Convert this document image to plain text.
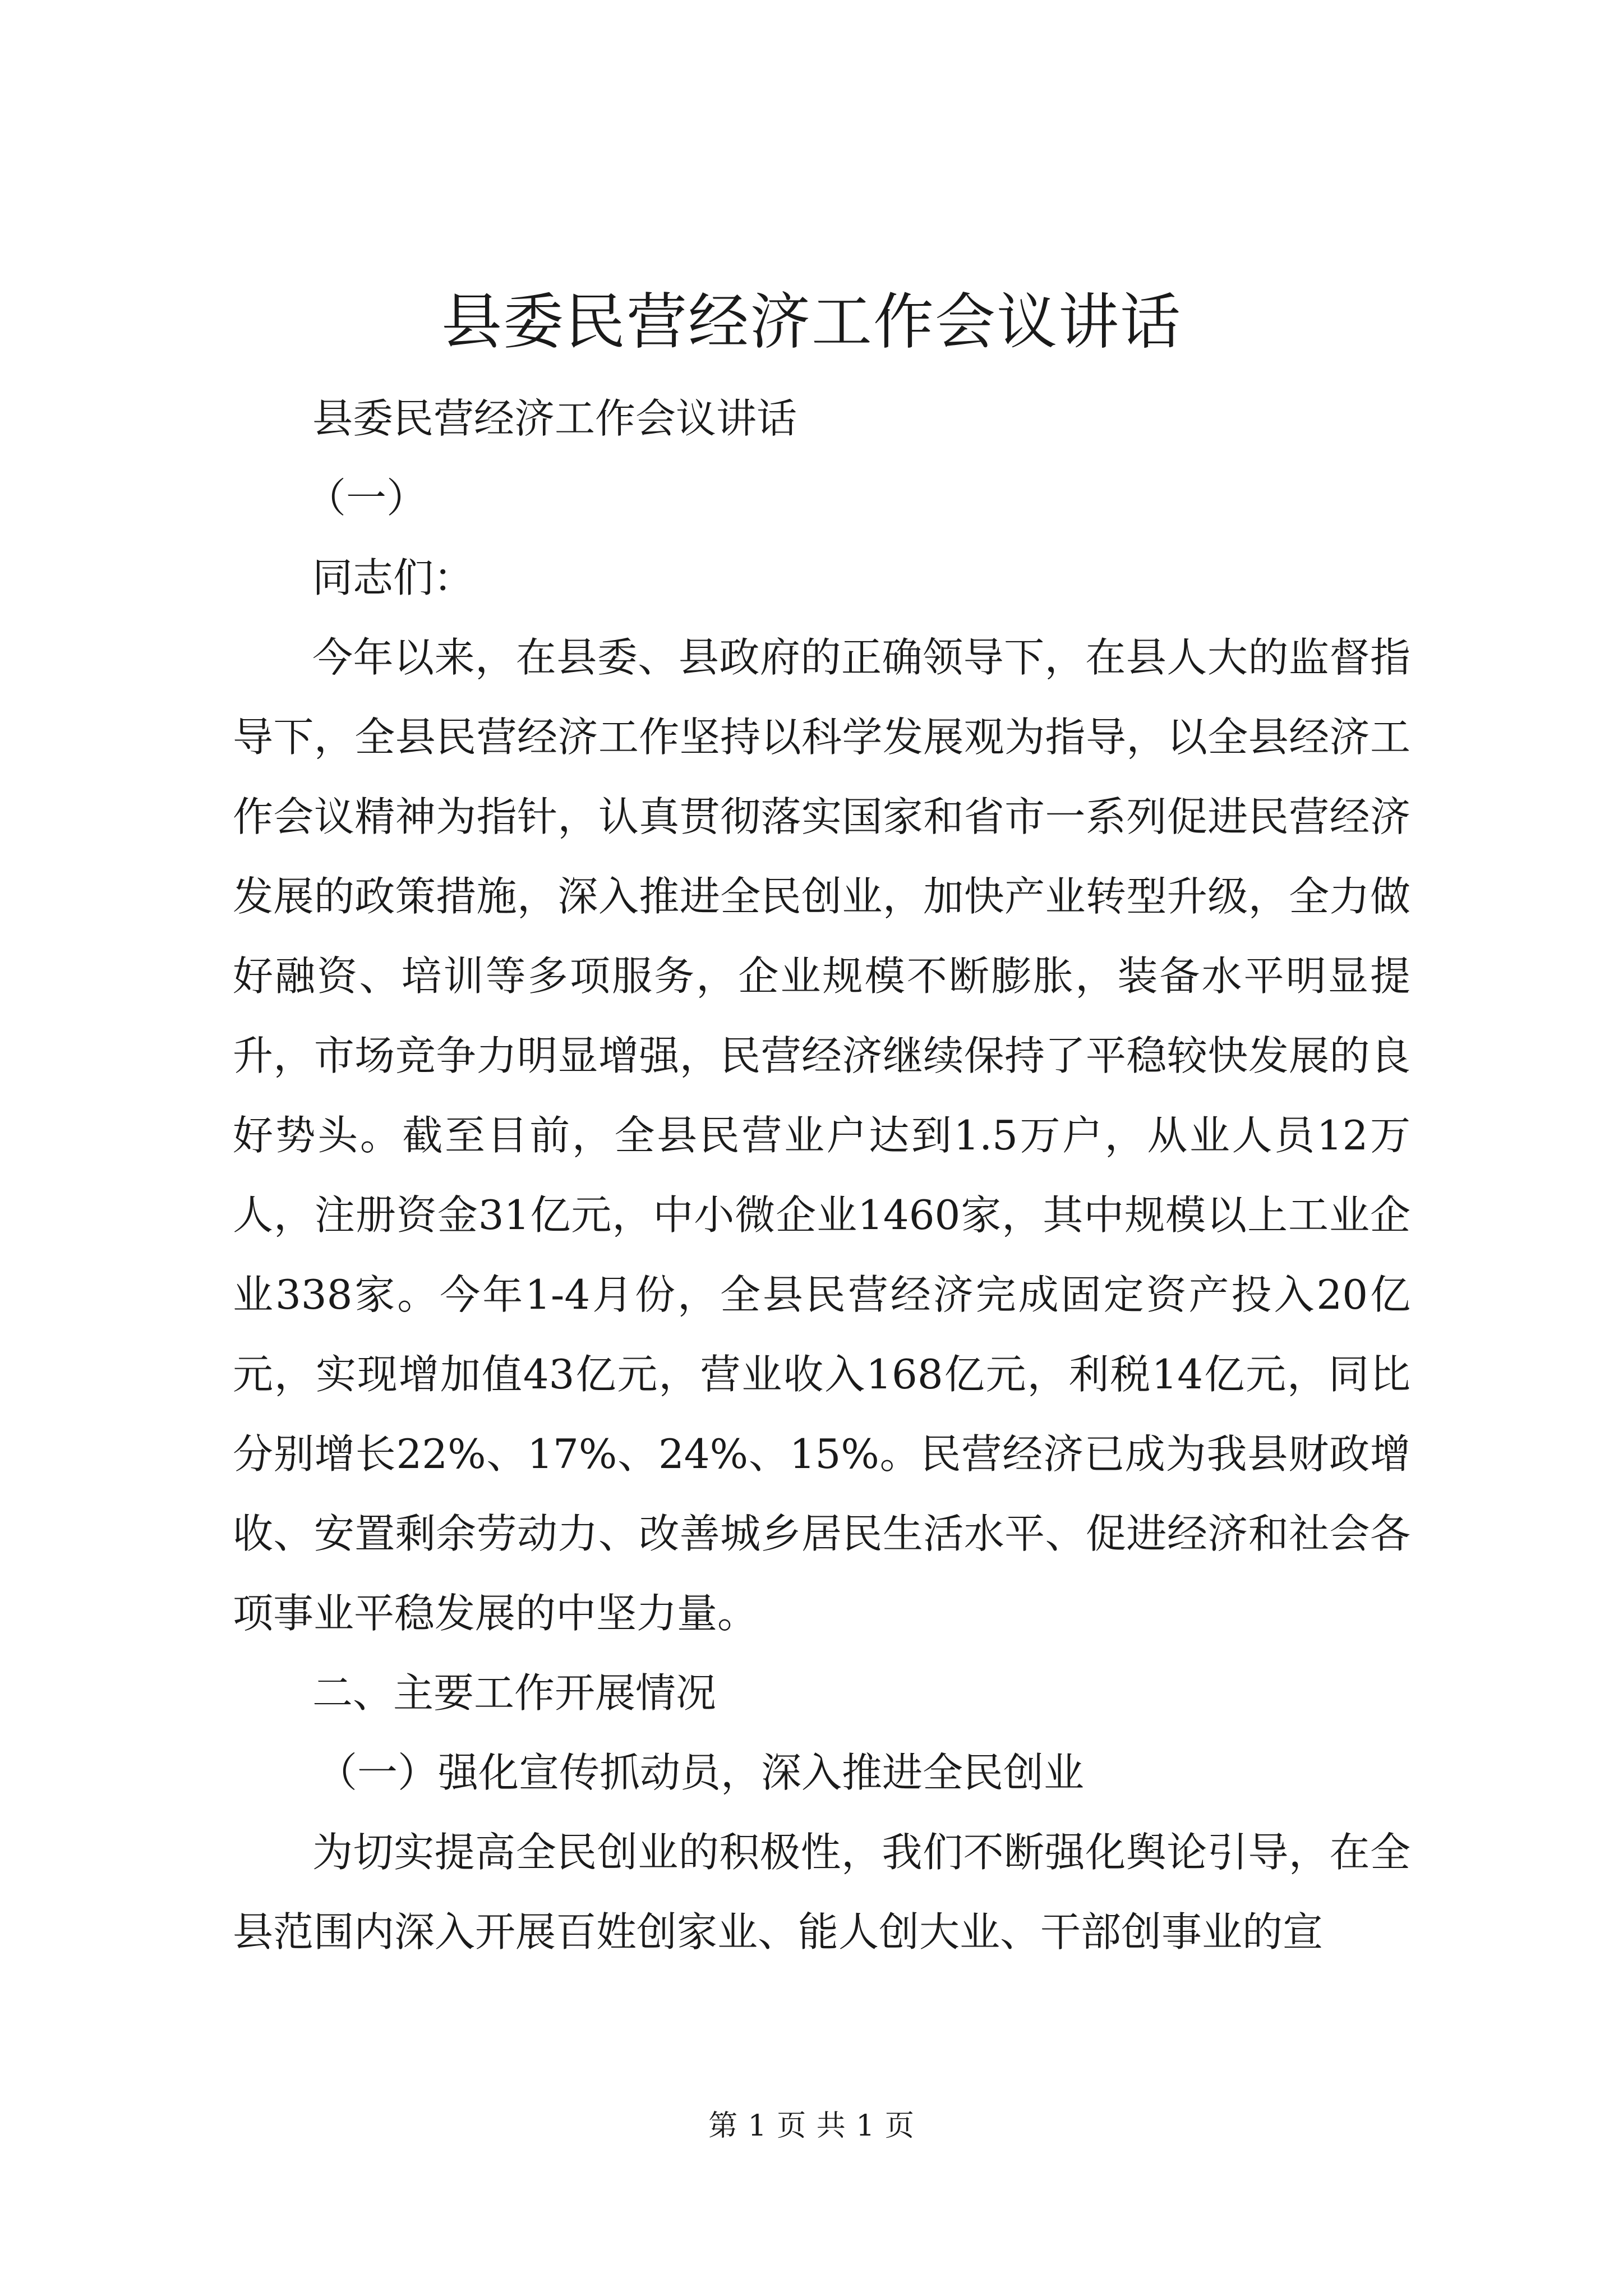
县委民营经济工作会议讲话

县委民营经济工作会议讲话

（一）

同志们：

今年以来，在县委、县政府的正确领导下，在县人大的监督指导下，全县民营经济工作坚持以科学发展观为指导，以全县经济工作会议精神为指针，认真贯彻落实国家和省市一系列促进民营经济发展的政策措施，深入推进全民创业，加快产业转型升级，全力做好融资、培训等多项服务，企业规模不断膨胀，装备水平明显提升，市场竞争力明显增强，民营经济继续保持了平稳较快发展的良好势头。截至目前，全县民营业户达到1.5万户，从业人员12万人，注册资金31亿元，中小微企业1460家，其中规模以上工业企业338家。今年1-4月份，全县民营经济完成固定资产投入20亿元，实现增加值43亿元，营业收入168亿元，利税14亿元，同比分别增长22%、17%、24%、15%。民营经济已成为我县财政增收、安置剩余劳动力、改善城乡居民生活水平、促进经济和社会各项事业平稳发展的中坚力量。

二、主要工作开展情况

（一）强化宣传抓动员，深入推进全民创业

为切实提高全民创业的积极性，我们不断强化舆论引导，在全县范围内深入开展百姓创家业、能人创大业、干部创事业的宣

第 1 页 共 1 页
